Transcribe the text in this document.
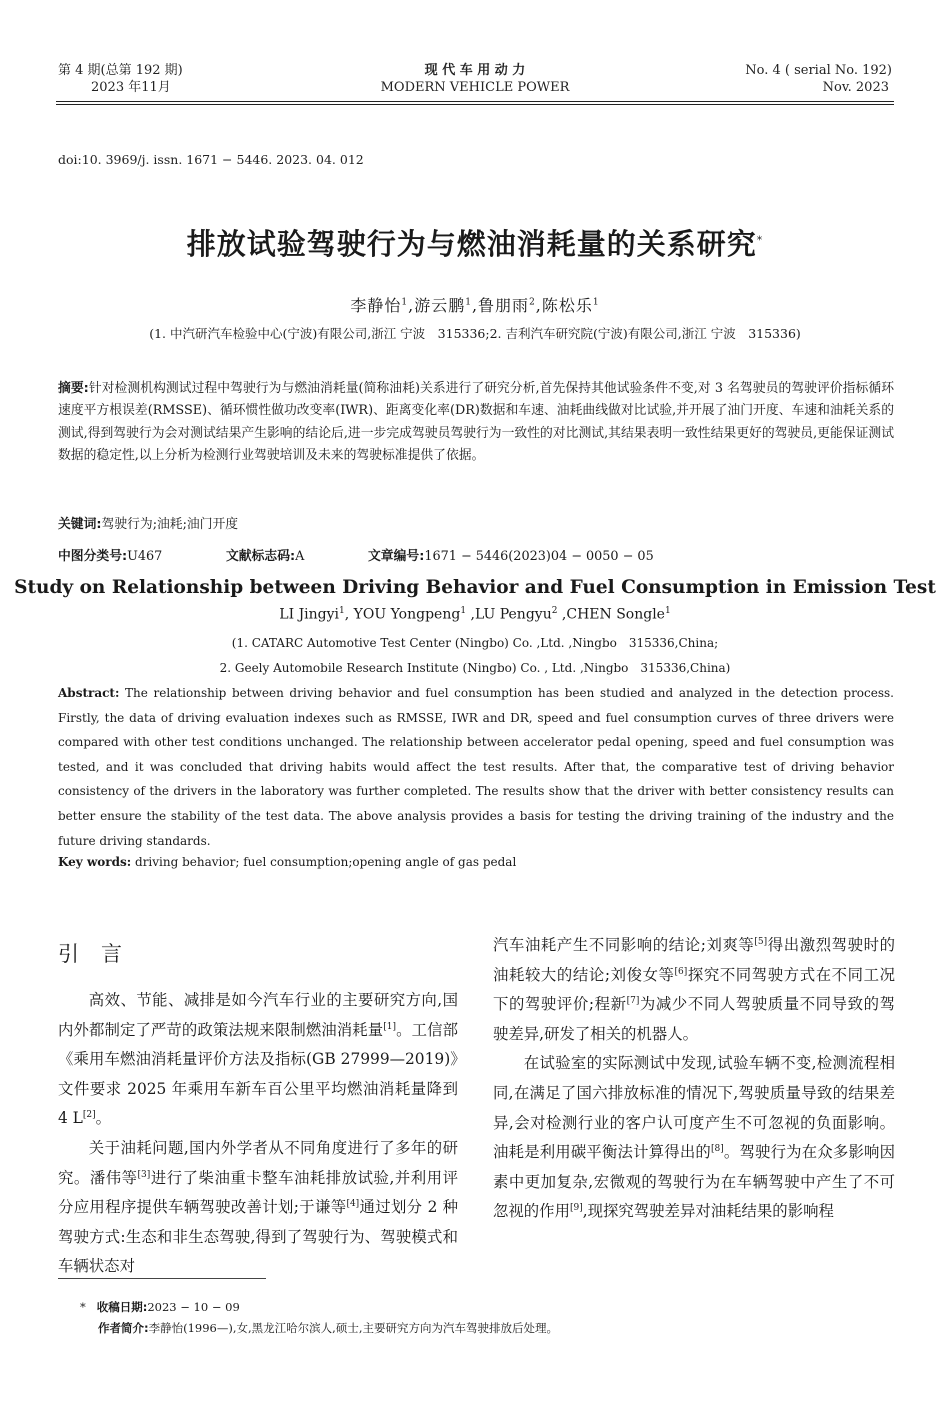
第 4 期(总第 192 期)
2023 年11月
现 代 车 用 动 力
MODERN VEHICLE POWER
No. 4 ( serial No. 192)
Nov. 2023
doi:10. 3969/j. issn. 1671 − 5446. 2023. 04. 012
排放试验驾驶行为与燃油消耗量的关系研究*
李静怡$^1$,游云鹏$^1$,鲁朋雨$^2$,陈松乐$^1$
(1. 中汽研汽车检验中心(宁波)有限公司,浙江 宁波　315336;2. 吉利汽车研究院(宁波)有限公司,浙江 宁波　315336)
摘要:针对检测机构测试过程中驾驶行为与燃油消耗量(简称油耗)关系进行了研究分析,首先保持其他试验条件不变,对 3 名驾驶员的驾驶评价指标循环速度平方根误差(RMSSE)、循环惯性做功改变率(IWR)、距离变化率(DR)数据和车速、油耗曲线做对比试验,并开展了油门开度、车速和油耗关系的测试,得到驾驶行为会对测试结果产生影响的结论后,进一步完成驾驶员驾驶行为一致性的对比测试,其结果表明一致性结果更好的驾驶员,更能保证测试数据的稳定性,以上分析为检测行业驾驶培训及未来的驾驶标准提供了依据。
关键词:驾驶行为;油耗;油门开度
中图分类号:U467	文献标志码:A	文章编号:1671 − 5446(2023)04 − 0050 − 05
Study on Relationship between Driving Behavior and Fuel Consumption in Emission Test
LI Jingyi$^1$, YOU Yongpeng$^1$ ,LU Pengyu$^2$ ,CHEN Songle$^1$
(1. CATARC Automotive Test Center (Ningbo) Co. ,Ltd. ,Ningbo　315336,China;
2. Geely Automobile Research Institute (Ningbo) Co. , Ltd. ,Ningbo　315336,China)
Abstract: The relationship between driving behavior and fuel consumption has been studied and analyzed in the detection process. Firstly, the data of driving evaluation indexes such as RMSSE, IWR and DR, speed and fuel consumption curves of three drivers were compared with other test conditions unchanged. The relationship between accelerator pedal opening, speed and fuel consumption was tested, and it was concluded that driving habits would affect the test results. After that, the comparative test of driving behavior consistency of the drivers in the laboratory was further completed. The results show that the driver with better consistency results can better ensure the stability of the test data. The above analysis provides a basis for testing the driving training of the industry and the future driving standards.
Key words: driving behavior; fuel consumption;opening angle of gas pedal
引言

高效、节能、减排是如今汽车行业的主要研究方向,国内外都制定了严苛的政策法规来限制燃油消耗量[1]。工信部《乘用车燃油消耗量评价方法及指标(GB 27999—2019)》文件要求 2025 年乘用车新车百公里平均燃油消耗量降到 4 L[2]。

关于油耗问题,国内外学者从不同角度进行了多年的研究。潘伟等[3]进行了柴油重卡整车油耗排放试验,并利用评分应用程序提供车辆驾驶改善计划;于谦等[4]通过划分 2 种驾驶方式:生态和非生态驾驶,得到了驾驶行为、驾驶模式和车辆状态对

汽车油耗产生不同影响的结论;刘爽等[5]得出激烈驾驶时的油耗较大的结论;刘俊女等[6]探究不同驾驶方式在不同工况下的驾驶评价;程新[7]为减少不同人驾驶质量不同导致的驾驶差异,研发了相关的机器人。

在试验室的实际测试中发现,试验车辆不变,检测流程相同,在满足了国六排放标准的情况下,驾驶质量导致的结果差异,会对检测行业的客户认可度产生不可忽视的负面影响。油耗是利用碳平衡法计算得出的[8]。驾驶行为在众多影响因素中更加复杂,宏微观的驾驶行为在车辆驾驶中产生了不可忽视的作用[9],现探究驾驶差异对油耗结果的影响程

* 收稿日期:2023 − 10 − 09
作者简介:李静怡(1996—),女,黑龙江哈尔滨人,硕士,主要研究方向为汽车驾驶排放后处理。
